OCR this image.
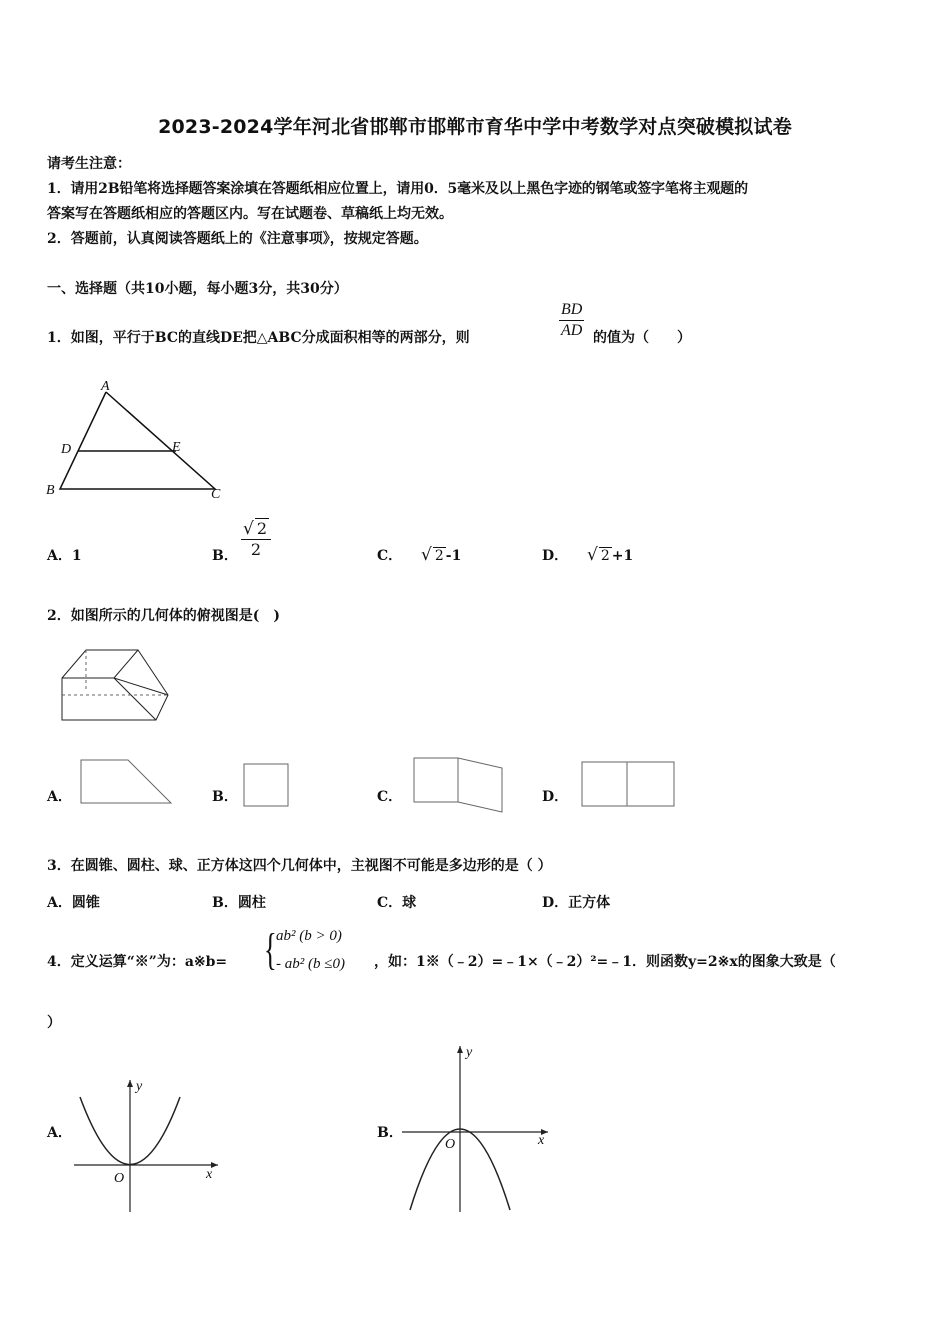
2023-2024学年河北省邯郸市邯郸市育华中学中考数学对点突破模拟试卷
请考生注意：
1．请用2B铅笔将选择题答案涂填在答题纸相应位置上，请用0．5毫米及以上黑色字迹的钢笔或签字笔将主观题的
答案写在答题纸相应的答题区内。写在试题卷、草稿纸上均无效。
2．答题前，认真阅读答题纸上的《注意事项》，按规定答题。
一、选择题（共10小题，每小题3分，共30分）
1．如图，平行于BC的直线DE把△ABC分成面积相等的两部分，则	$\frac{BD}{AD}$ 的值为（　　）
A
D	E
B	C
A．1	B． $\frac{√ 2}{2}$	C． √ 2 -1	D． √ 2 +1
2．如图所示的几何体的俯视图是(　)
A．	B．	C．	D．
3．在圆锥、圆柱、球、正方体这四个几何体中，主视图不可能是多边形的是（ ）
A．圆锥	B．圆柱	C．球	D．正方体
4．定义运算“※”为：a※b= { ab² (b > 0)
- ab² (b ≤0) ，如：1※（﹣2）=﹣1×（﹣2）²=﹣1．则函数y=2※x的图象大致是（
）
A．
y
x
O
B．
y
x
O
